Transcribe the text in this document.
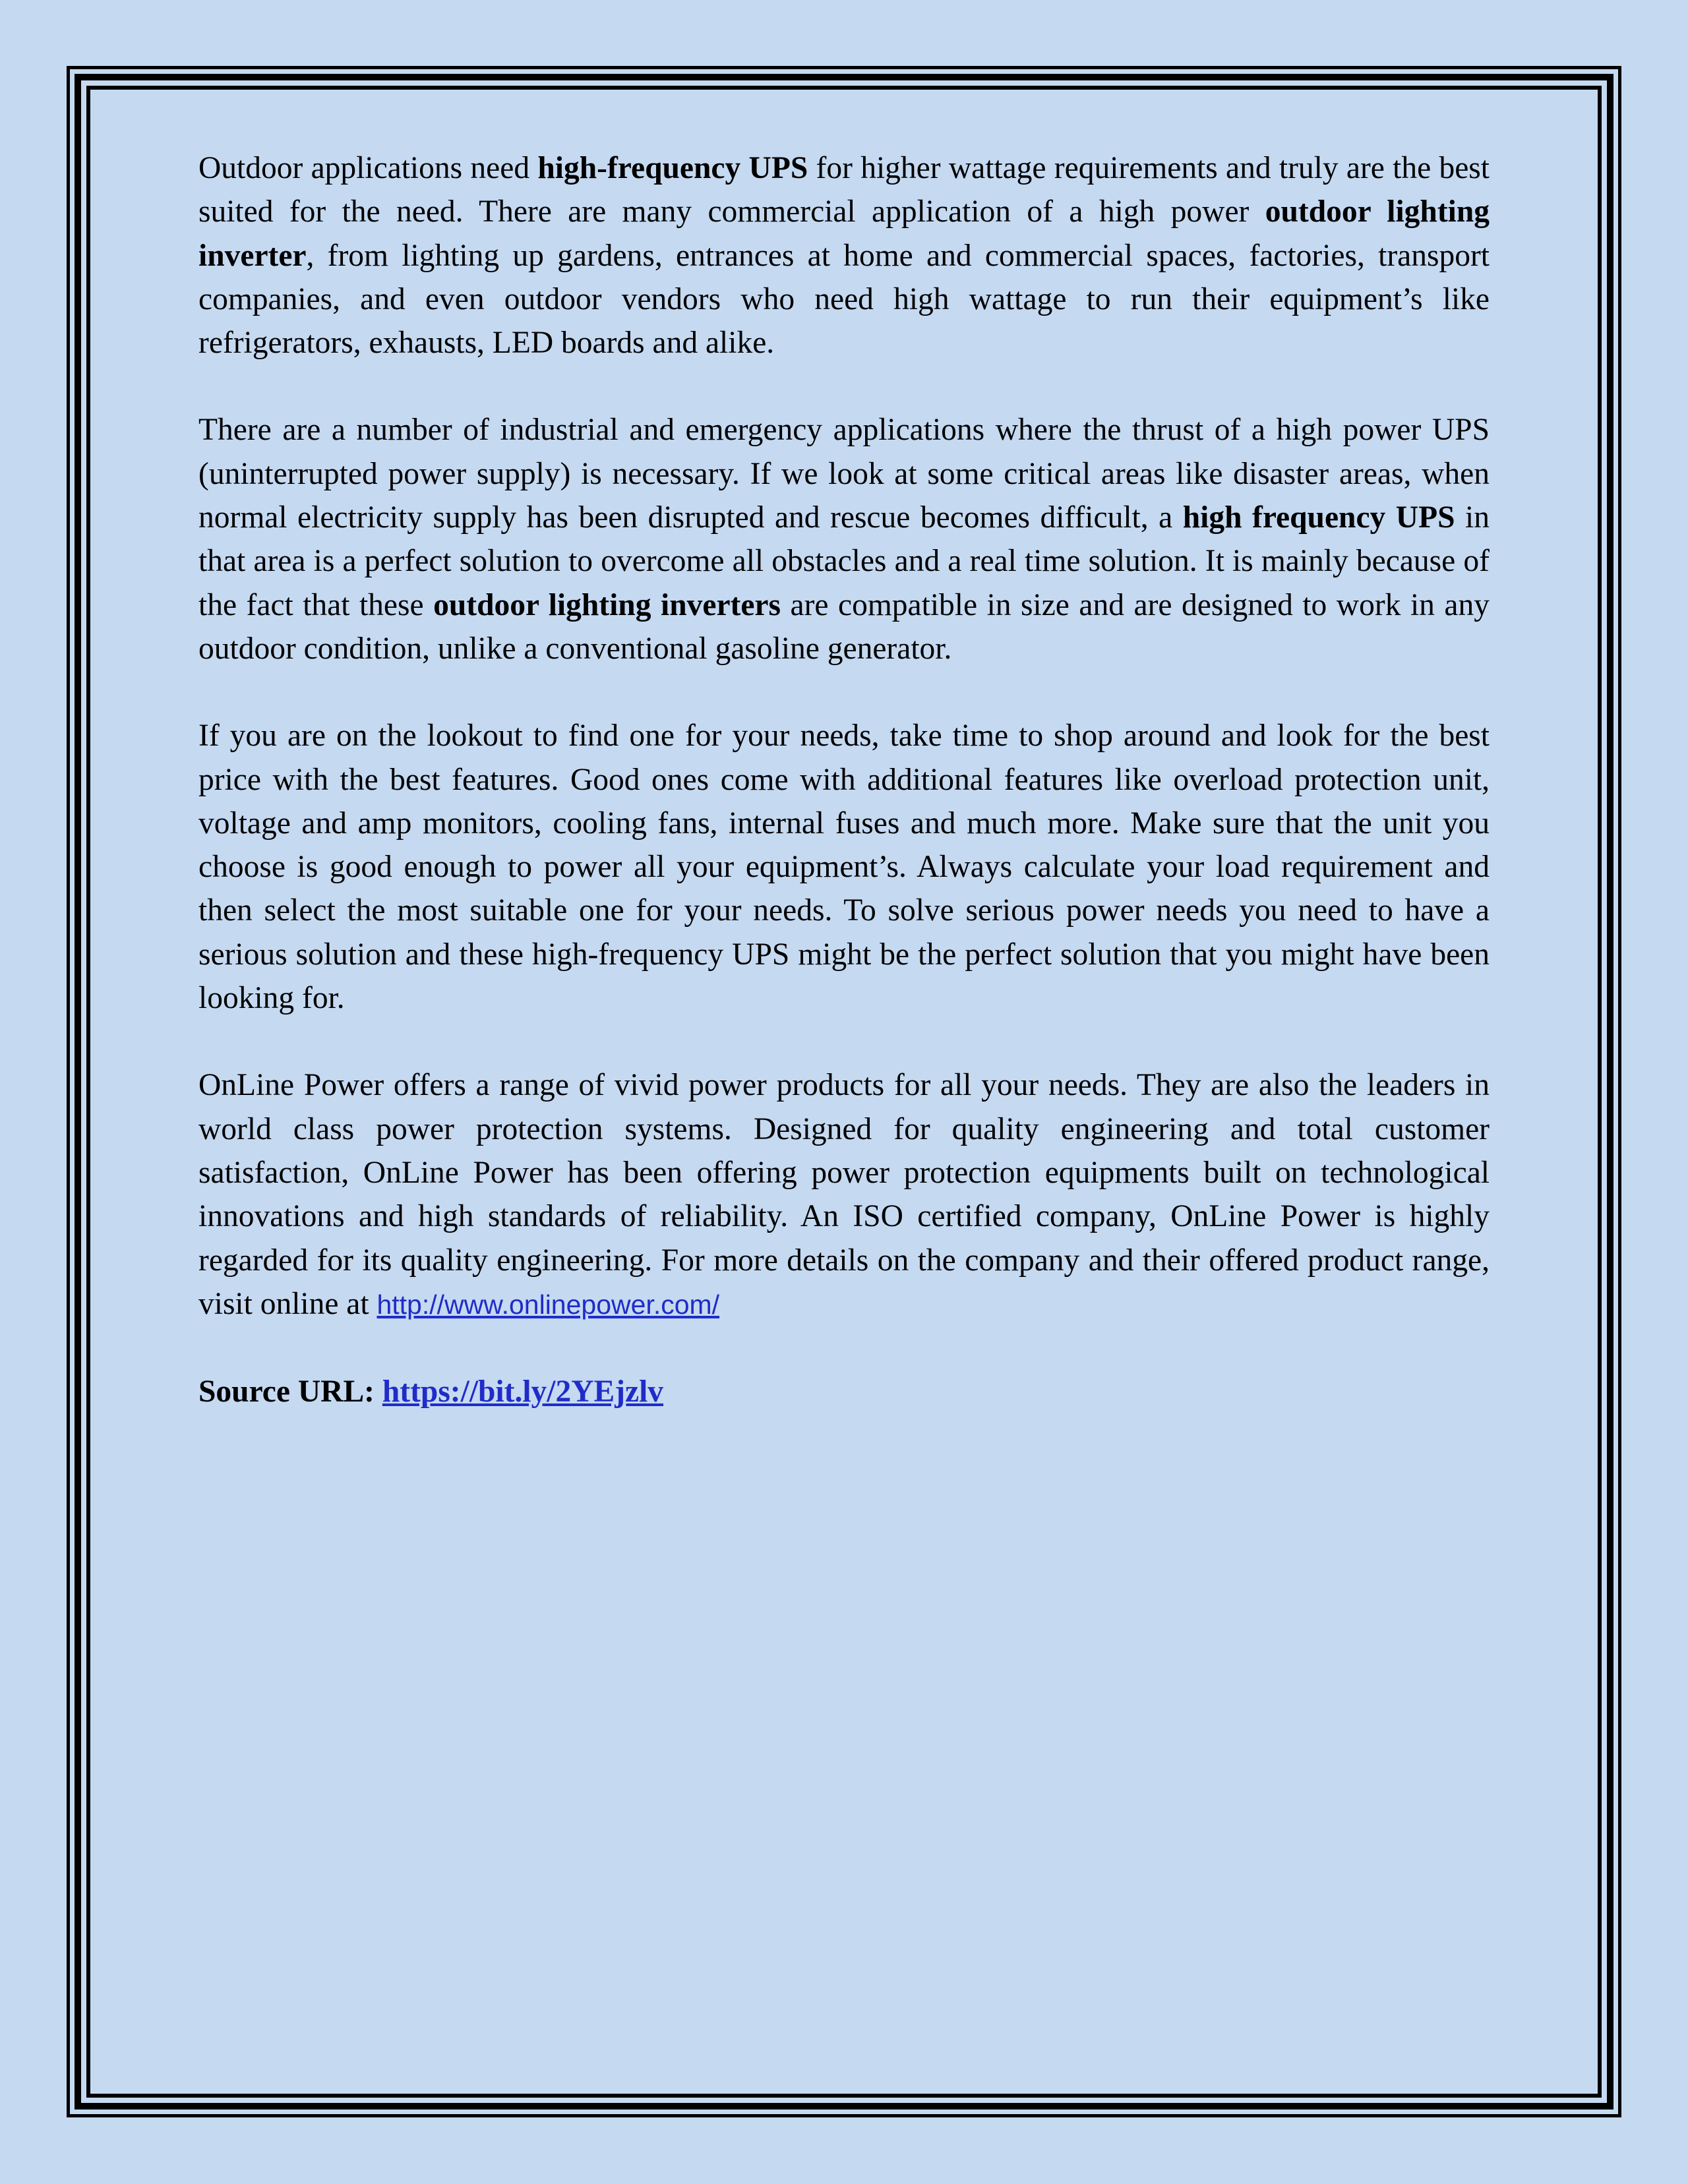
Outdoor applications need high-frequency UPS for higher wattage requirements and truly are the best suited for the need. There are many commercial application of a high power outdoor lighting inverter, from lighting up gardens, entrances at home and commercial spaces, factories, transport companies, and even outdoor vendors who need high wattage to run their equipment’s like refrigerators, exhausts, LED boards and alike.

There are a number of industrial and emergency applications where the thrust of a high power UPS (uninterrupted power supply) is necessary. If we look at some critical areas like disaster areas, when normal electricity supply has been disrupted and rescue becomes difficult, a high frequency UPS in that area is a perfect solution to overcome all obstacles and a real time solution. It is mainly because of the fact that these outdoor lighting inverters are compatible in size and are designed to work in any outdoor condition, unlike a conventional gasoline generator.

If you are on the lookout to find one for your needs, take time to shop around and look for the best price with the best features. Good ones come with additional features like overload protection unit, voltage and amp monitors, cooling fans, internal fuses and much more. Make sure that the unit you choose is good enough to power all your equipment’s. Always calculate your load requirement and then select the most suitable one for your needs. To solve serious power needs you need to have a serious solution and these high-frequency UPS might be the perfect solution that you might have been looking for.

OnLine Power offers a range of vivid power products for all your needs. They are also the leaders in world class power protection systems. Designed for quality engineering and total customer satisfaction, OnLine Power has been offering power protection equipments built on technological innovations and high standards of reliability. An ISO certified company, OnLine Power is highly regarded for its quality engineering. For more details on the company and their offered product range, visit online at http://www.onlinepower.com/

Source URL: https://bit.ly/2YEjzlv
